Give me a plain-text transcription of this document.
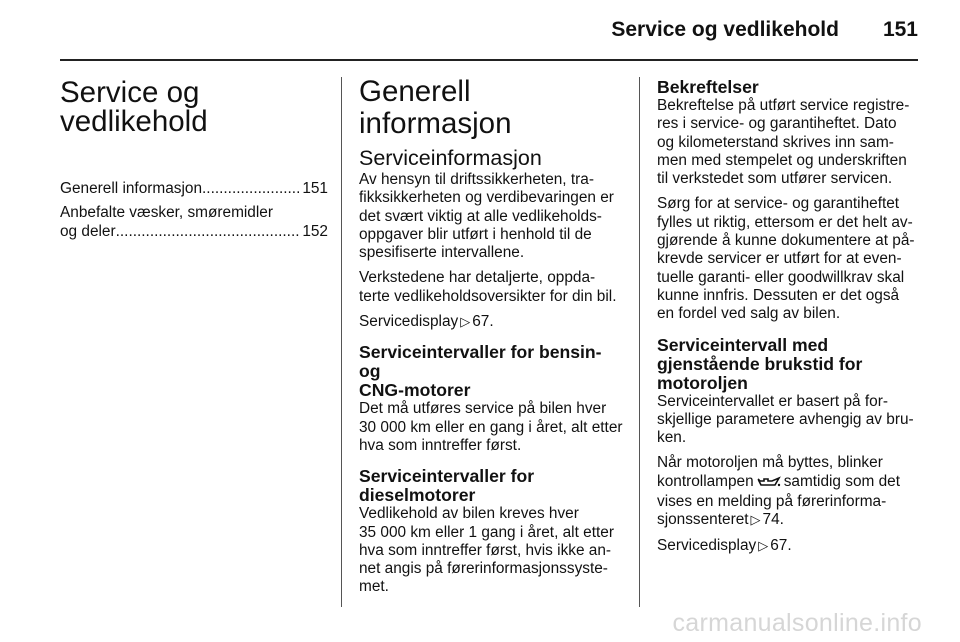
Service og vedlikehold 151
Service og
vedlikehold
Generell informasjon .....	151
Anbefalte væsker, smøremidler
og deler .....	152
Generell informasjon
Serviceinformasjon
Av hensyn til driftssikkerheten, tra-
fikksikkerheten og verdibevaringen er
det svært viktig at alle vedlikeholds-
oppgaver blir utført i henhold til de
spesifiserte intervallene.
Verkstedene har detaljerte, oppda-
terte vedlikeholdsoversikter for din bil.
Servicedisplay ▷ 67.
Serviceintervaller for bensin- og
CNG-motorer
Det må utføres service på bilen hver
30 000 km eller en gang i året, alt etter
hva som inntreffer først.
Serviceintervaller for
dieselmotorer
Vedlikehold av bilen kreves hver
35 000 km eller 1 gang i året, alt etter
hva som inntreffer først, hvis ikke an-
net angis på førerinformasjonssyste-
met.
Bekreftelser
Bekreftelse på utført service registre-
res i service- og garantiheftet. Dato
og kilometerstand skrives inn sam-
men med stempelet og underskriften
til verkstedet som utfører servicen.
Sørg for at service- og garantiheftet
fylles ut riktig, ettersom er det helt av-
gjørende å kunne dokumentere at på-
krevde servicer er utført for at even-
tuelle garanti- eller goodwillkrav skal
kunne innfris. Dessuten er det også
en fordel ved salg av bilen.
Serviceintervall med
gjenstående brukstid for
motoroljen
Serviceintervallet er basert på for-
skjellige parametere avhengig av bru-
ken.
Når motoroljen må byttes, blinker
kontrollampen samtidig som det
vises en melding på førerinforma-
sjonssenteret ▷ 74.
Servicedisplay ▷ 67.
carmanualsonline.info
